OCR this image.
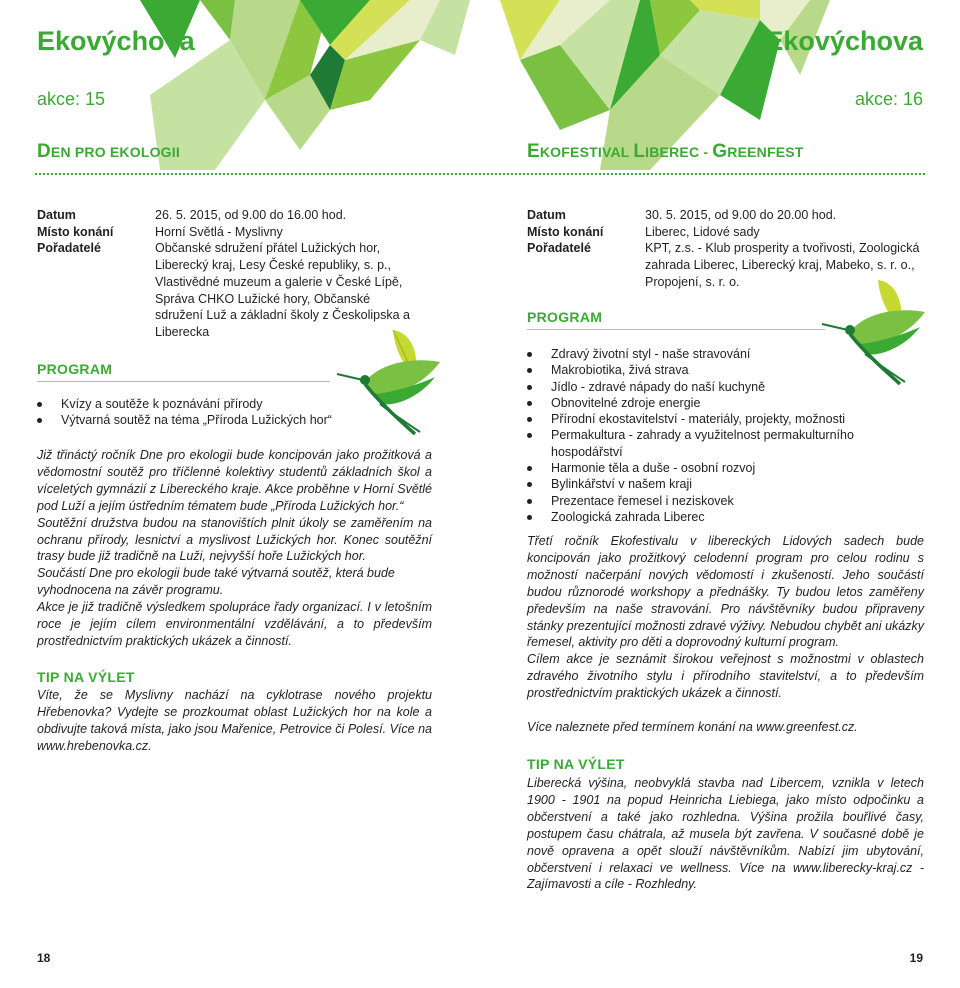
Ekovýchova
akce: 15
DEN PRO EKOLOGII
Datum	26. 5. 2015, od 9.00 do 16.00 hod.
Místo konání	Horní Světlá - Myslivny
Pořadatelé	Občanské sdružení přátel Lužických hor, Liberecký kraj, Lesy České republiky, s. p., Vlastivědné muzeum a galerie v České Lípě, Správa CHKO Lužické hory, Občanské sdružení Luž a základní školy z Českolipska a Liberecka
PROGRAM
Kvízy a soutěže k poznávání přírody
Výtvarná soutěž na téma „Příroda Lužických hor“

Již třináctý ročník Dne pro ekologii bude koncipován jako prožitková a vědomostní soutěž pro tříčlenné kolektivy studentů základních škol a víceletých gymnázií z Libereckého kraje. Akce proběhne v Horní Světlé pod Luží a jejím ústředním tématem bude „Příroda Lužických hor.“

Soutěžní družstva budou na stanovištích plnit úkoly se zaměřením na ochranu přírody, lesnictví a myslivost Lužických hor. Konec soutěžní trasy bude již tradičně na Luži, nejvyšší hoře Lužických hor.

Součástí Dne pro ekologii bude také výtvarná soutěž, která bude vyhodnocena na závěr programu.

Akce je již tradičně výsledkem spolupráce řady organizací. I v letošním roce je jejím cílem environmentální vzdělávání, a to především prostřednictvím praktických ukázek a činností.

TIP NA VÝLET

Víte, že se Myslivny nachází na cyklotrase nového projektu Hřebenovka? Vydejte se prozkoumat oblast Lužických hor na kole a obdivujte taková místa, jako jsou Mařenice, Petrovice či Polesí. Více na www.hrebenovka.cz.

18
Ekovýchova
akce: 16
EKOFESTIVAL LIBEREC - GREENFEST
Datum	30. 5. 2015, od 9.00 do 20.00 hod.
Místo konání	Liberec, Lidové sady
Pořadatelé	KPT, z.s. - Klub prosperity a tvořivosti, Zoologická zahrada Liberec, Liberecký kraj, Mabeko, s. r. o., Propojení, s. r. o.
PROGRAM
Zdravý životní styl - naše stravování
Makrobiotika, živá strava
Jídlo - zdravé nápady do naší kuchyně
Obnovitelné zdroje energie
Přírodní ekostavitelství - materiály, projekty, možnosti
Permakultura - zahrady a využitelnost permakulturního hospodářství
Harmonie těla a duše - osobní rozvoj
Bylinkářství v našem kraji
Prezentace řemesel i neziskovek
Zoologická zahrada Liberec

Třetí ročník Ekofestivalu v libereckých Lidových sadech bude koncipován jako prožitkový celodenní program pro celou rodinu s možností načerpání nových vědomostí i zkušeností. Jeho součástí budou různorodé workshopy a přednášky. Ty budou letos zaměřeny především na naše stravování. Pro návštěvníky budou připraveny stánky prezentující možnosti zdravé výživy. Nebudou chybět ani ukázky řemesel, aktivity pro děti a doprovodný kulturní program.

Cílem akce je seznámit širokou veřejnost s možnostmi v oblastech zdravého životního stylu i přírodního stavitelství, a to především prostřednictvím praktických ukázek a činností.

Více naleznete před termínem konání na www.greenfest.cz.

TIP NA VÝLET

Liberecká výšina, neobvyklá stavba nad Libercem, vznikla v letech 1900 - 1901 na popud Heinricha Liebiega, jako místo odpočinku a občerstvení a také jako rozhledna. Výšina prožila bouřlivé časy, postupem času chátrala, až musela být zavřena. V současné době je nově opravena a opět slouží návštěvníkům. Nabízí jim ubytování, občerstvení i relaxaci ve wellness. Více na www.liberecky-kraj.cz - Zajímavosti a cíle - Rozhledny.

19
